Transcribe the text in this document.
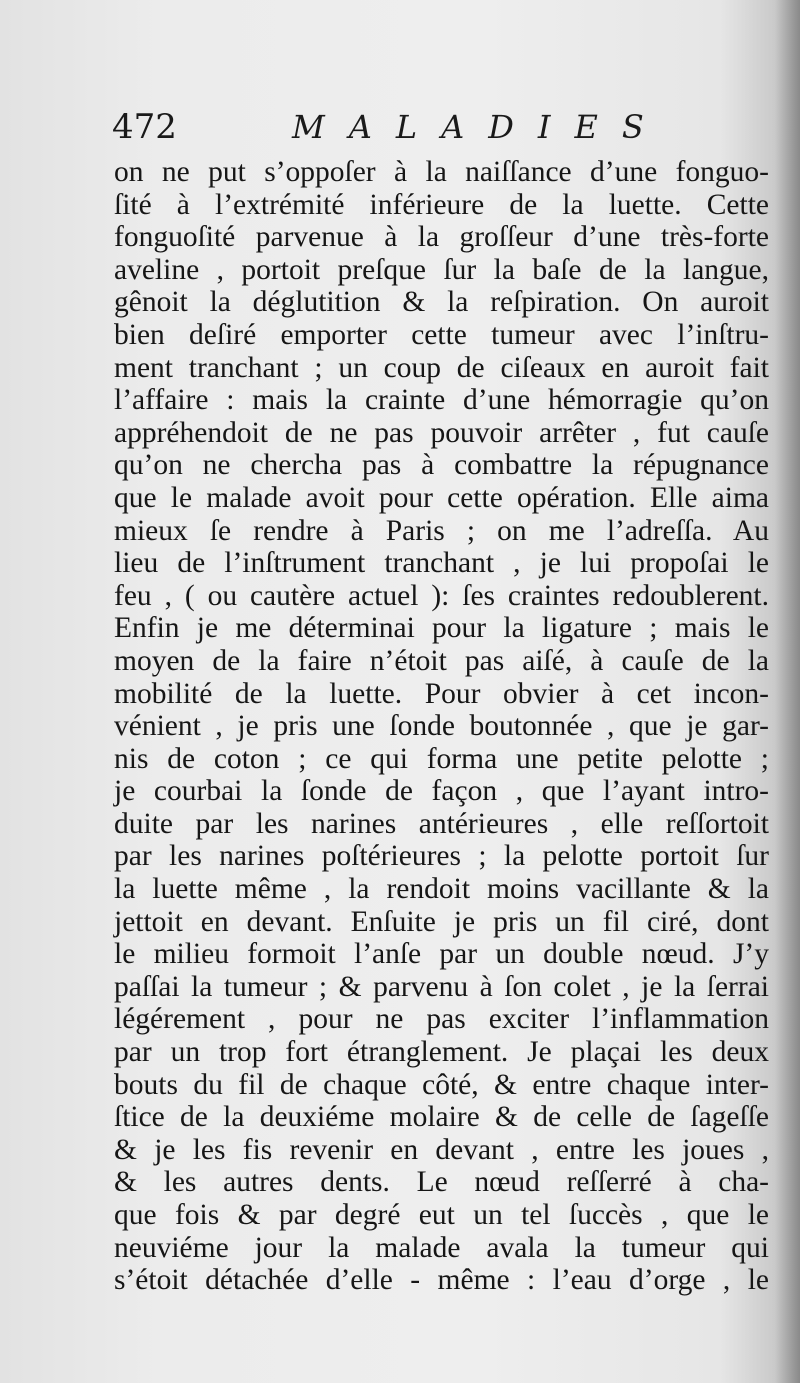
472	MALADIES
on ne put s’oppoſer à la naiſſance d’une fonguo-
ſité à l’extrémité inférieure de la luette. Cette
fonguoſité parvenue à la groſſeur d’une très-forte
aveline , portoit preſque ſur la baſe de la langue,
gênoit la déglutition & la reſpiration. On auroit
bien deſiré emporter cette tumeur avec l’inſtru-
ment tranchant ; un coup de ciſeaux en auroit fait
l’affaire : mais la crainte d’une hémorragie qu’on
appréhendoit de ne pas pouvoir arrêter , fut cauſe
qu’on ne chercha pas à combattre la répugnance
que le malade avoit pour cette opération. Elle aima
mieux ſe rendre à Paris ; on me l’adreſſa. Au
lieu de l’inſtrument tranchant , je lui propoſai le
feu , ( ou cautère actuel ): ſes craintes redoublerent.
Enfin je me déterminai pour la ligature ; mais le
moyen de la faire n’étoit pas aiſé, à cauſe de la
mobilité de la luette. Pour obvier à cet incon-
vénient , je pris une ſonde boutonnée , que je gar-
nis de coton ; ce qui forma une petite pelotte ;
je courbai la ſonde de façon , que l’ayant intro-
duite par les narines antérieures , elle reſſortoit
par les narines poſtérieures ; la pelotte portoit ſur
la luette même , la rendoit moins vacillante & la
jettoit en devant. Enſuite je pris un fil ciré, dont
le milieu formoit l’anſe par un double nœud. J’y
paſſai la tumeur ; & parvenu à ſon colet , je la ſerrai
légérement , pour ne pas exciter l’inflammation
par un trop fort étranglement. Je plaçai les deux
bouts du fil de chaque côté, & entre chaque inter-
ſtice de la deuxiéme molaire & de celle de ſageſſe
& je les fis revenir en devant , entre les joues ,
& les autres dents. Le nœud reſſerré à cha-
que fois & par degré eut un tel ſuccès , que le
neuviéme jour la malade avala la tumeur qui
s’étoit détachée d’elle - même : l’eau d’orge , le
